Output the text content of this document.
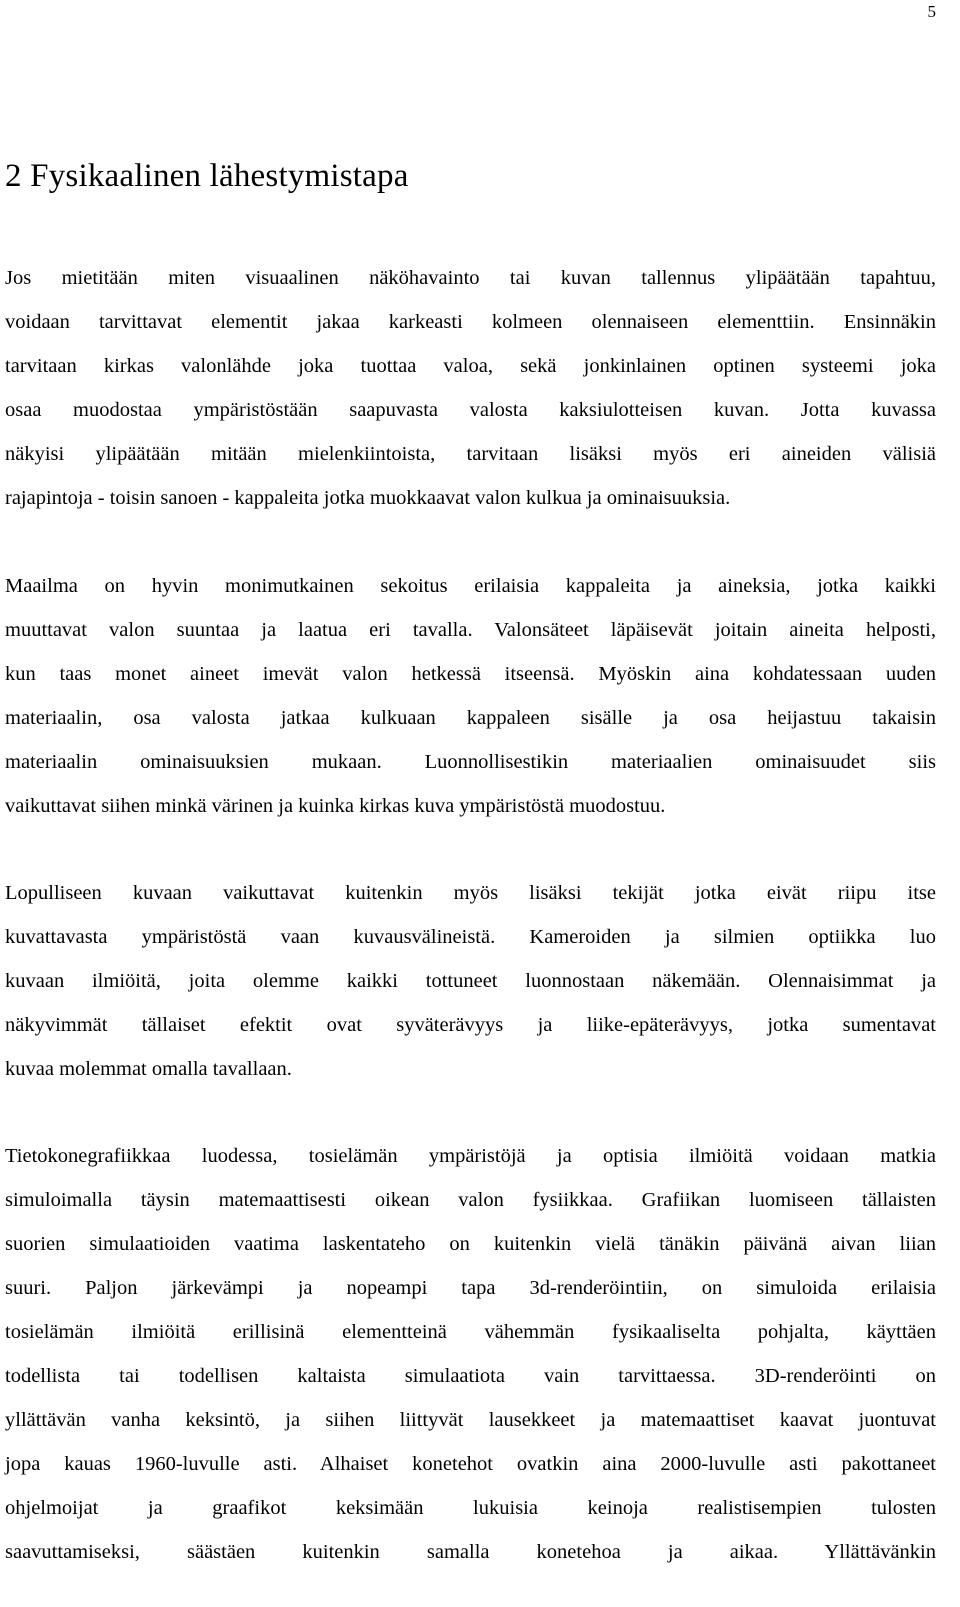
5
2 Fysikaalinen lähestymistapa

Jos mietitään miten visuaalinen näköhavainto tai kuvan tallennus ylipäätään tapahtuu,
voidaan tarvittavat elementit jakaa karkeasti kolmeen olennaiseen elementtiin. Ensinnäkin
tarvitaan kirkas valonlähde joka tuottaa valoa, sekä jonkinlainen optinen systeemi joka
osaa muodostaa ympäristöstään saapuvasta valosta kaksiulotteisen kuvan. Jotta kuvassa
näkyisi ylipäätään mitään mielenkiintoista, tarvitaan lisäksi myös eri aineiden välisiä
rajapintoja - toisin sanoen - kappaleita jotka muokkaavat valon kulkua ja ominaisuuksia.

Maailma on hyvin monimutkainen sekoitus erilaisia kappaleita ja aineksia, jotka kaikki
muuttavat valon suuntaa ja laatua eri tavalla. Valonsäteet läpäisevät joitain aineita helposti,
kun taas monet aineet imevät valon hetkessä itseensä. Myöskin aina kohdatessaan uuden
materiaalin, osa valosta jatkaa kulkuaan kappaleen sisälle ja osa heijastuu takaisin
materiaalin ominaisuuksien mukaan. Luonnollisestikin materiaalien ominaisuudet siis
vaikuttavat siihen minkä värinen ja kuinka kirkas kuva ympäristöstä muodostuu.

Lopulliseen kuvaan vaikuttavat kuitenkin myös lisäksi tekijät jotka eivät riipu itse
kuvattavasta ympäristöstä vaan kuvausvälineistä. Kameroiden ja silmien optiikka luo
kuvaan ilmiöitä, joita olemme kaikki tottuneet luonnostaan näkemään. Olennaisimmat ja
näkyvimmät tällaiset efektit ovat syväterävyys ja liike-epäterävyys, jotka sumentavat
kuvaa molemmat omalla tavallaan.

Tietokonegrafiikkaa luodessa, tosielämän ympäristöjä ja optisia ilmiöitä voidaan matkia
simuloimalla täysin matemaattisesti oikean valon fysiikkaa. Grafiikan luomiseen tällaisten
suorien simulaatioiden vaatima laskentateho on kuitenkin vielä tänäkin päivänä aivan liian
suuri. Paljon järkevämpi ja nopeampi tapa 3d-renderöintiin, on simuloida erilaisia
tosielämän ilmiöitä erillisinä elementteinä vähemmän fysikaaliselta pohjalta, käyttäen
todellista tai todellisen kaltaista simulaatiota vain tarvittaessa. 3D-renderöinti on
yllättävän vanha keksintö, ja siihen liittyvät lausekkeet ja matemaattiset kaavat juontuvat
jopa kauas 1960-luvulle asti. Alhaiset konetehot ovatkin aina 2000-luvulle asti pakottaneet
ohjelmoijat ja graafikot keksimään lukuisia keinoja realistisempien tulosten
saavuttamiseksi, säästäen kuitenkin samalla konetehoa ja aikaa. Yllättävänkin
